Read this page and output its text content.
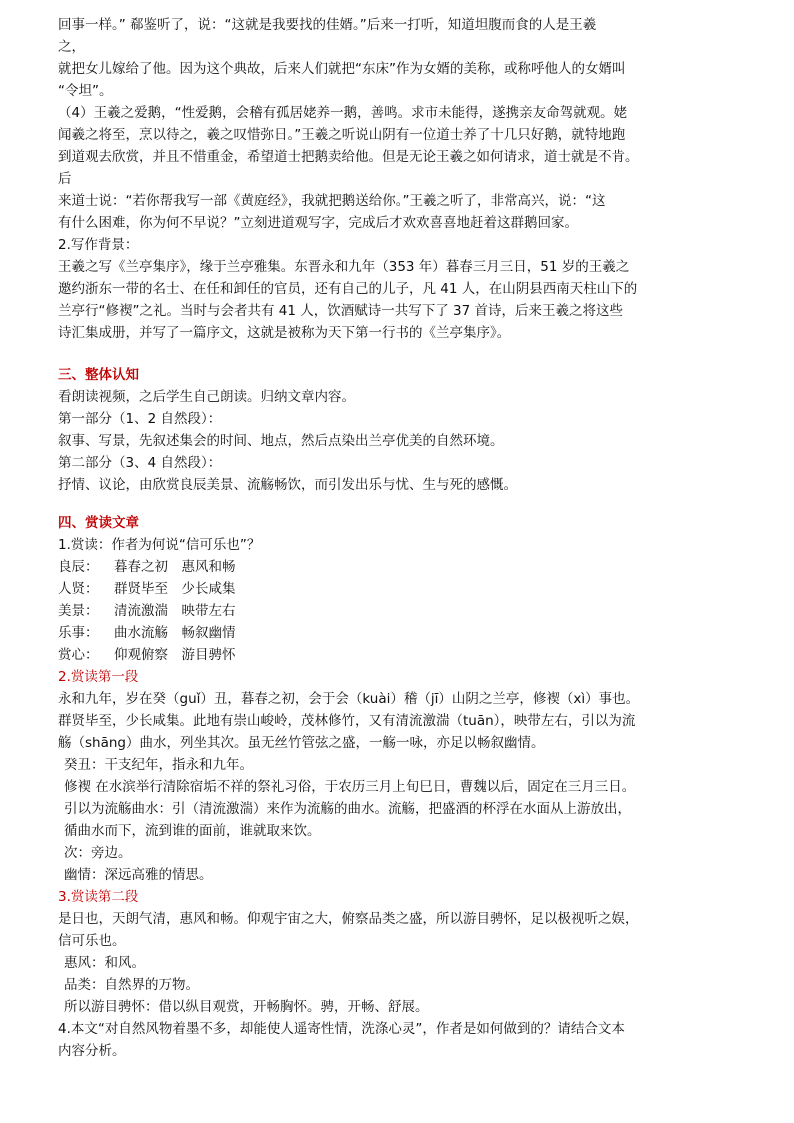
回事一样。” 郗鉴听了，说：“这就是我要找的佳婿。”后来一打听，知道坦腹而食的人是王羲
之，
就把女儿嫁给了他。因为这个典故，后来人们就把“东床”作为女婿的美称，或称呼他人的女婿叫
“令坦”。
（4）王羲之爱鹅，“性爱鹅，会稽有孤居姥养一鹅，善鸣。求市未能得，遂携亲友命驾就观。姥
闻羲之将至，烹以待之，羲之叹惜弥日。”王羲之听说山阴有一位道士养了十几只好鹅，就特地跑
到道观去欣赏，并且不惜重金，希望道士把鹅卖给他。但是无论王羲之如何请求，道士就是不肯。
后
来道士说：“若你帮我写一部《黄庭经》，我就把鹅送给你。”王羲之听了，非常高兴，说：“这
有什么困难，你为何不早说？”立刻进道观写字，完成后才欢欢喜喜地赶着这群鹅回家。
2.写作背景：
王羲之写《兰亭集序》，缘于兰亭雅集。东晋永和九年（353 年）暮春三月三日，51 岁的王羲之
邀约浙东一带的名士、在任和卸任的官员，还有自己的儿子，凡 41 人，在山阴县西南天柱山下的
兰亭行“修褉”之礼。当时与会者共有 41 人，饮酒赋诗一共写下了 37 首诗，后来王羲之将这些
诗汇集成册，并写了一篇序文，这就是被称为天下第一行书的《兰亭集序》。
三、整体认知
看朗读视频，之后学生自己朗读。归纳文章内容。
第一部分（1、2 自然段）：
叙事、写景，先叙述集会的时间、地点，然后点染出兰亭优美的自然环境。
第二部分（3、4 自然段）：
抒情、议论，由欣赏良辰美景、流觞畅饮，而引发出乐与忧、生与死的感慨。
四、赏读文章
1.赏读：作者为何说“信可乐也”？
良辰： 暮春之初　惠风和畅
人贤： 群贤毕至　少长咸集
美景： 清流激湍　映带左右
乐事： 曲水流觞　畅叙幽情
赏心： 仰观俯察　游目骋怀
2.赏读第一段
永和九年，岁在癸（guǐ）丑，暮春之初，会于会（kuài）稽（jī）山阴之兰亭，修褉（xì）事也。
群贤毕至，少长咸集。此地有崇山峻岭，茂林修竹，又有清流激湍（tuān），映带左右，引以为流
觞（shāng）曲水，列坐其次。虽无丝竹管弦之盛，一觞一咏，亦足以畅叙幽情。
癸丑：干支纪年，指永和九年。
修褉 在水滨举行清除宿垢不祥的祭礼习俗，于农历三月上旬巳日，曹魏以后，固定在三月三日。
引以为流觞曲水：引（清流激湍）来作为流觞的曲水。流觞，把盛酒的杯浮在水面从上游放出，
循曲水而下，流到谁的面前，谁就取来饮。
次：旁边。
幽情：深远高雅的情思。
3.赏读第二段
是日也，天朗气清，惠风和畅。仰观宇宙之大，俯察品类之盛，所以游目骋怀，足以极视听之娱，
信可乐也。
惠风：和风。
品类：自然界的万物。
所以游目骋怀：借以纵目观赏，开畅胸怀。骋，开畅、舒展。
4.本文“对自然风物着墨不多，却能使人遥寄性情，洗涤心灵”，作者是如何做到的？请结合文本
内容分析。
